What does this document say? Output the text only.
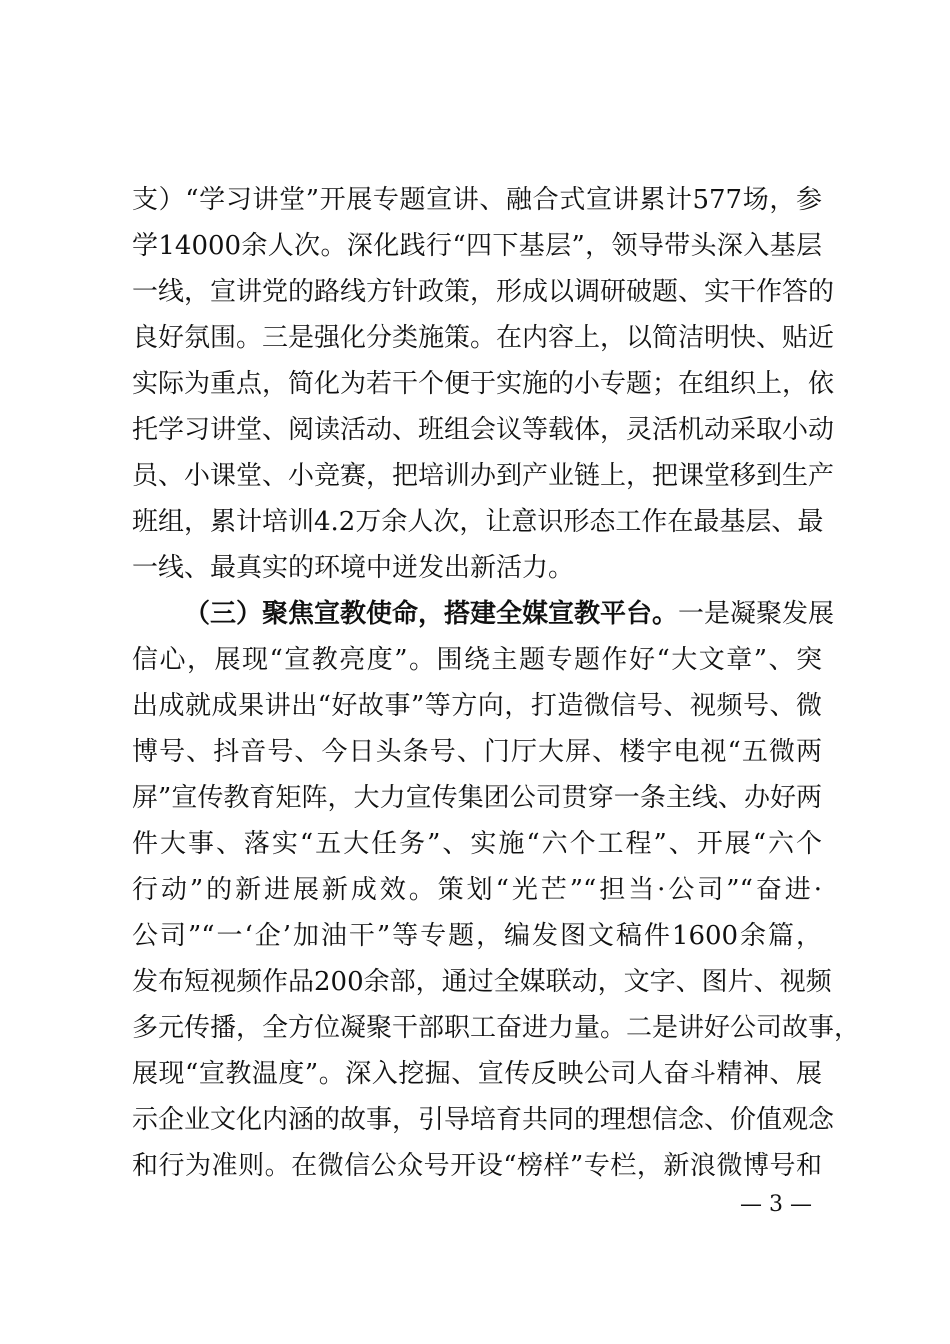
支）“学习讲堂”开展专题宣讲、融合式宣讲累计577场，参
学14000余人次。深化践行“四下基层”，领导带头深入基层
一线，宣讲党的路线方针政策，形成以调研破题、实干作答的
良好氛围。三是强化分类施策。在内容上，以简洁明快、贴近
实际为重点，简化为若干个便于实施的小专题；在组织上，依
托学习讲堂、阅读活动、班组会议等载体，灵活机动采取小动
员、小课堂、小竞赛，把培训办到产业链上，把课堂移到生产
班组，累计培训4.2万余人次，让意识形态工作在最基层、最
一线、最真实的环境中迸发出新活力。
（三）聚焦宣教使命，搭建全媒宣教平台。一是凝聚发展
信心，展现“宣教亮度”。围绕主题专题作好“大文章”、突
出成就成果讲出“好故事”等方向，打造微信号、视频号、微
博号、抖音号、今日头条号、门厅大屏、楼宇电视“五微两
屏”宣传教育矩阵，大力宣传集团公司贯穿一条主线、办好两
件大事、落实“五大任务”、实施“六个工程”、开展“六个
行动”的新进展新成效。策划“光芒”“担当·公司”“奋进·
公司”“一‘企’加油干”等专题，编发图文稿件1600余篇，
发布短视频作品200余部，通过全媒联动，文字、图片、视频
多元传播，全方位凝聚干部职工奋进力量。二是讲好公司故事，
展现“宣教温度”。深入挖掘、宣传反映公司人奋斗精神、展
示企业文化内涵的故事，引导培育共同的理想信念、价值观念
和行为准则。在微信公众号开设“榜样”专栏，新浪微博号和
— 3 —
